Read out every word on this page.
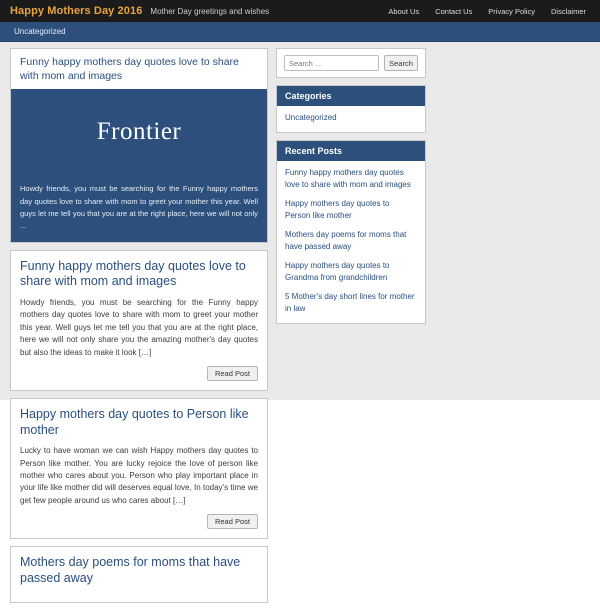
Happy Mothers Day 2016 Mother Day greetings and wishes	About Us Contact Us Privacy Policy Disclaimer
Uncategorized
Funny happy mothers day quotes love to share with mom and images
Frontier
Howdy friends, you must be searching for the Funny happy mothers day quotes love to share with mom to greet your mother this year. Well guys let me tell you that you are at the right place, here we will not only ...
Funny happy mothers day quotes love to share with mom and images

Howdy friends, you must be searching for the Funny happy mothers day quotes love to share with mom to greet your mother this year. Well guys let me tell you that you are at the right place, here we will not only share you the amazing mother's day quotes but also the ideas to make it look […]

Read Post
Happy mothers day quotes to Person like mother

Lucky to have woman we can wish Happy mothers day quotes to Person like mother. You are lucky rejoice the love of person like mother who cares about you. Person who play important place in your life like mother did will deserves equal love, In today's time we get few people around us who cares about […]

Read Post
Mothers day poems for moms that have passed away
Search ...
Search
Categories
Uncategorized
Recent Posts
Funny happy mothers day quotes love to share with mom and images
Happy mothers day quotes to Person like mother
Mothers day poems for moms that have passed away
Happy mothers day quotes to Grandma from grandchildren
5 Mother's day short lines for mother in law
